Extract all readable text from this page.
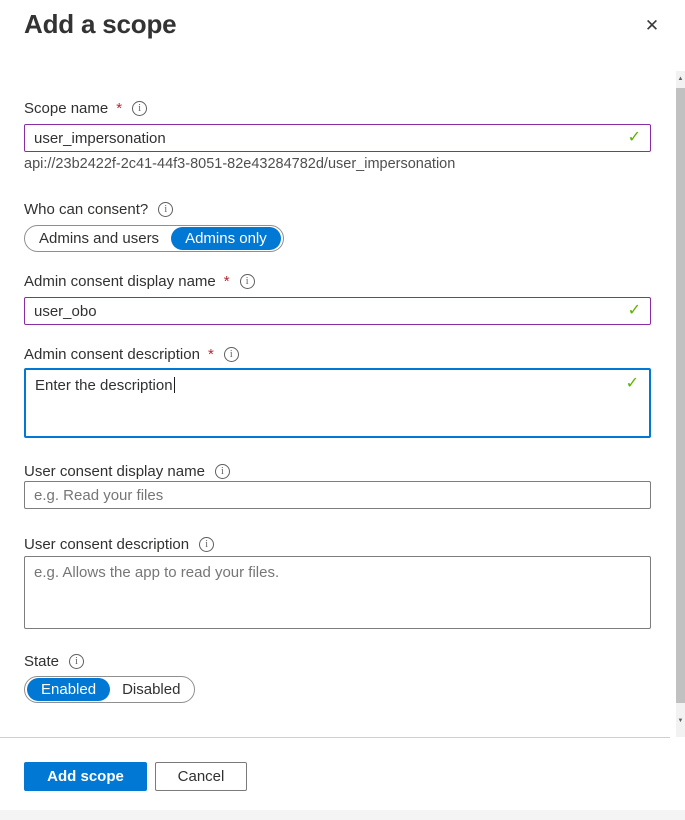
Add a scope	✕
Scope name *	i
user_impersonation
✓
api://23b2422f-2c41-44f3-8051-82e43284782d/user_impersonation
Who can consent?	i
Admins and users	Admins only
Admin consent display name *	i
user_obo
✓
Admin consent description *	i
Enter the description	✓
User consent display name	i
e.g. Read your files
User consent description	i
e.g. Allows the app to read your files.
State	i
Enabled	Disabled
Add scope	Cancel
▲
▼
